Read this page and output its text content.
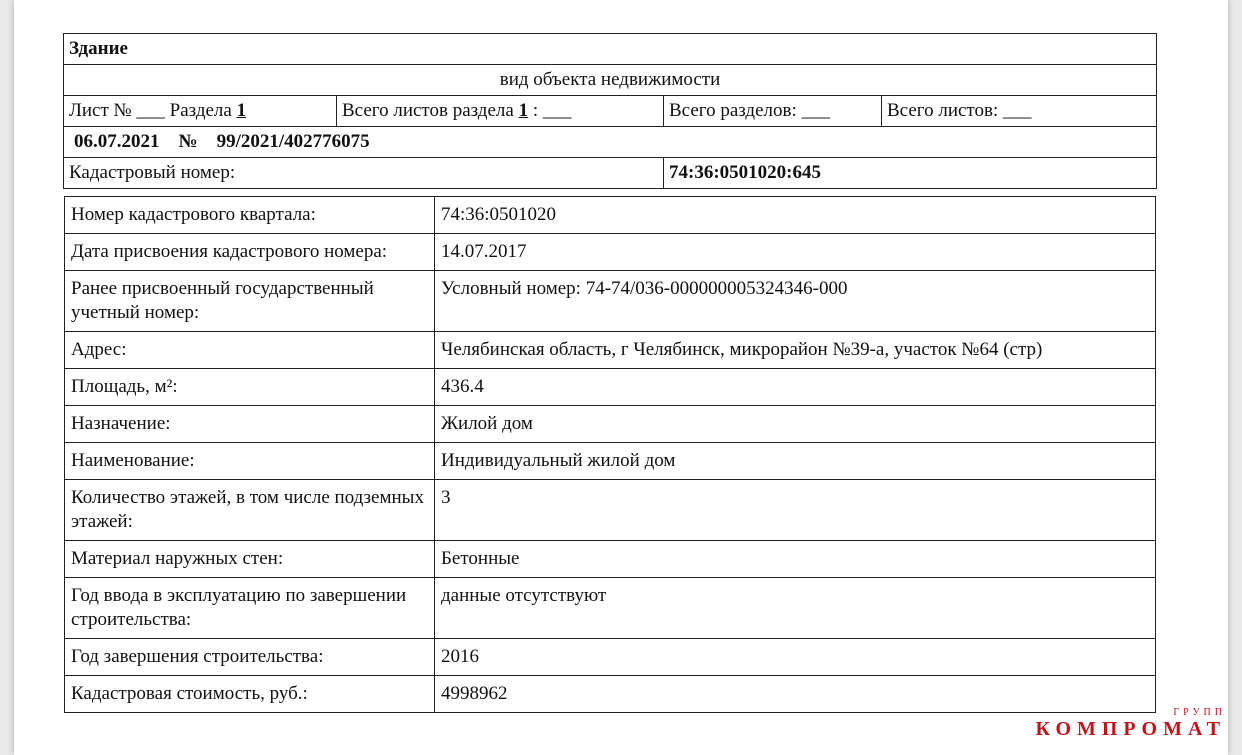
Здание			
вид объекта недвижимости			
Лист № ___ Раздела 1	Всего листов раздела 1 : ___	Всего разделов: ___	Всего листов: ___
06.07.2021 № 99/2021/402776075			
Кадастровый номер:		74:36:0501020:645	
Номер кадастрового квартала:	74:36:0501020
Дата присвоения кадастрового номера:	14.07.2017
Ранее присвоенный государственный учетный номер:	Условный номер: 74-74/036-000000005324346-000
Адрес:	Челябинская область, г Челябинск, микрорайон №39-а, участок №64 (стр)
Площадь, м²:	436.4
Назначение:	Жилой дом
Наименование:	Индивидуальный жилой дом
Количество этажей, в том числе подземных этажей:	3
Материал наружных стен:	Бетонные
Год ввода в эксплуатацию по завершении строительства:	данные отсутствуют
Год завершения строительства:	2016
Кадастровая стоимость, руб.:	4998962
ГРУПП
КОМПРОМАТ
